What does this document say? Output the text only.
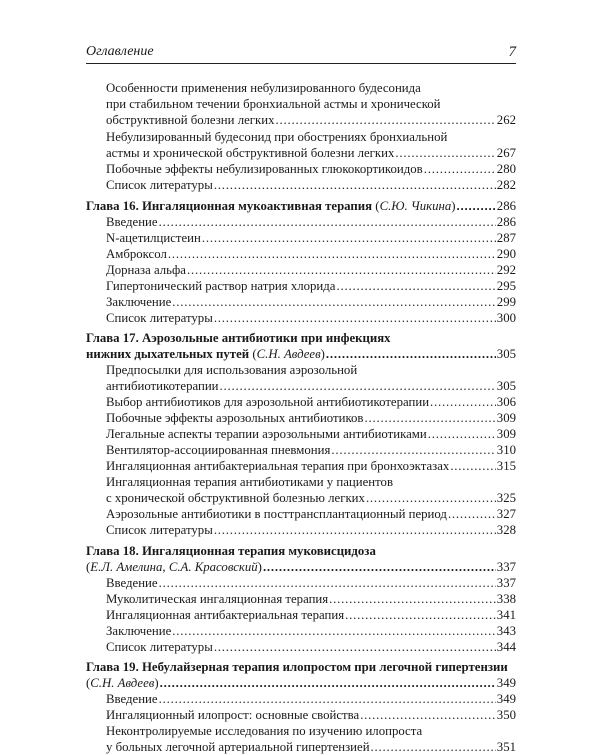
Оглавление	7
Особенности применения небулизированного будесонида
при стабильном течении бронхиальной астмы и хронической
обструктивной болезни легких . . .	262
Небулизированный будесонид при обострениях бронхиальной
астмы и хронической обструктивной болезни легких . . .	267
Побочные эффекты небулизированных глюкокортикоидов . . .	280
Список литературы . . .	282
Глава 16. Ингаляционная мукоактивная терапия (С.Ю. Чикина) . . .	286
Введение . . .	286
N-ацетилцистеин . . .	287
Амброксол . . .	290
Дорназа альфа . . .	292
Гипертонический раствор натрия хлорида . . .	295
Заключение . . .	299
Список литературы . . .	300
Глава 17. Аэрозольные антибиотики при инфекциях
нижних дыхательных путей (С.Н. Авдеев) . . .	305
Предпосылки для использования аэрозольной
антибиотикотерапии . . .	305
Выбор антибиотиков для аэрозольной антибиотикотерапии . . .	306
Побочные эффекты аэрозольных антибиотиков . . .	309
Легальные аспекты терапии аэрозольными антибиотиками . . .	309
Вентилятор-ассоциированная пневмония . . .	310
Ингаляционная антибактериальная терапия при бронхоэктазах . . .	315
Ингаляционная терапия антибиотиками у пациентов
с хронической обструктивной болезнью легких . . .	325
Аэрозольные антибиотики в посттрансплантационный период . . .	327
Список литературы . . .	328
Глава 18. Ингаляционная терапия муковисцидоза
(Е.Л. Амелина, С.А. Красовский) . . .	337
Введение . . .	337
Муколитическая ингаляционная терапия . . .	338
Ингаляционная антибактериальная терапия . . .	341
Заключение . . .	343
Список литературы . . .	344
Глава 19. Небулайзерная терапия илопростом при легочной гипертензии
(С.Н. Авдеев) . . .	349
Введение . . .	349
Ингаляционный илопрост: основные свойства . . .	350
Неконтролируемые исследования по изучению илопроста
у больных легочной артериальной гипертензией . . .	351
